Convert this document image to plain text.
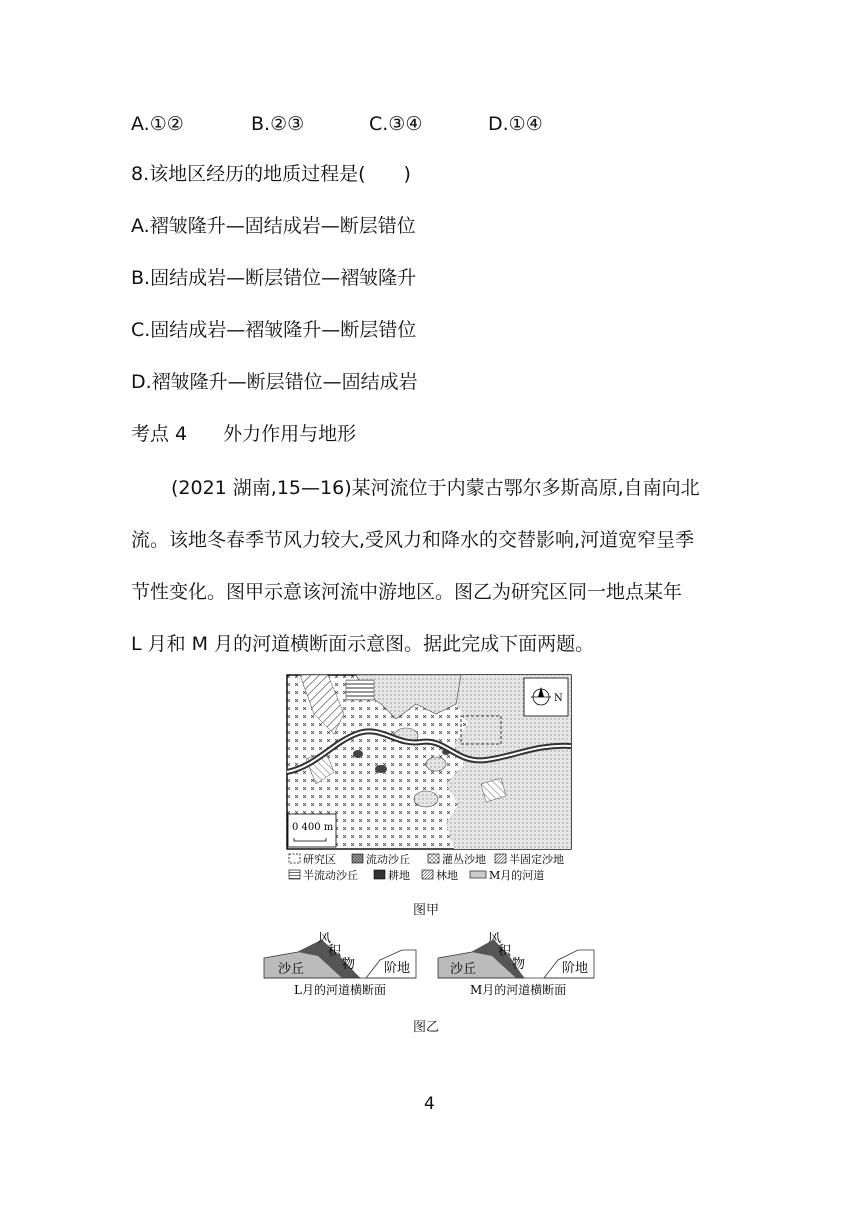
A.①②	B.②③	C.③④	D.①④
8.该地区经历的地质过程是(　　)
A.褶皱隆升—固结成岩—断层错位
B.固结成岩—断层错位—褶皱隆升
C.固结成岩—褶皱隆升—断层错位
D.褶皱隆升—断层错位—固结成岩
考点 4 外力作用与地形
(2021 湖南,15—16)某河流位于内蒙古鄂尔多斯高原,自南向北
流。该地冬春季节风力较大,受风力和降水的交替影响,河道宽窄呈季
节性变化。图甲示意该河流中游地区。图乙为研究区同一地点某年
L 月和 M 月的河道横断面示意图。据此完成下面两题。
N
0 400 m
研究区	流动沙丘	灌丛沙地 半固定沙地
半流动沙丘	耕地 林地	M月的河道
图甲
沙丘
风
积
物 阶地
L月的河道横断面
沙丘
风
积
物	阶地
M月的河道横断面
图乙
4
